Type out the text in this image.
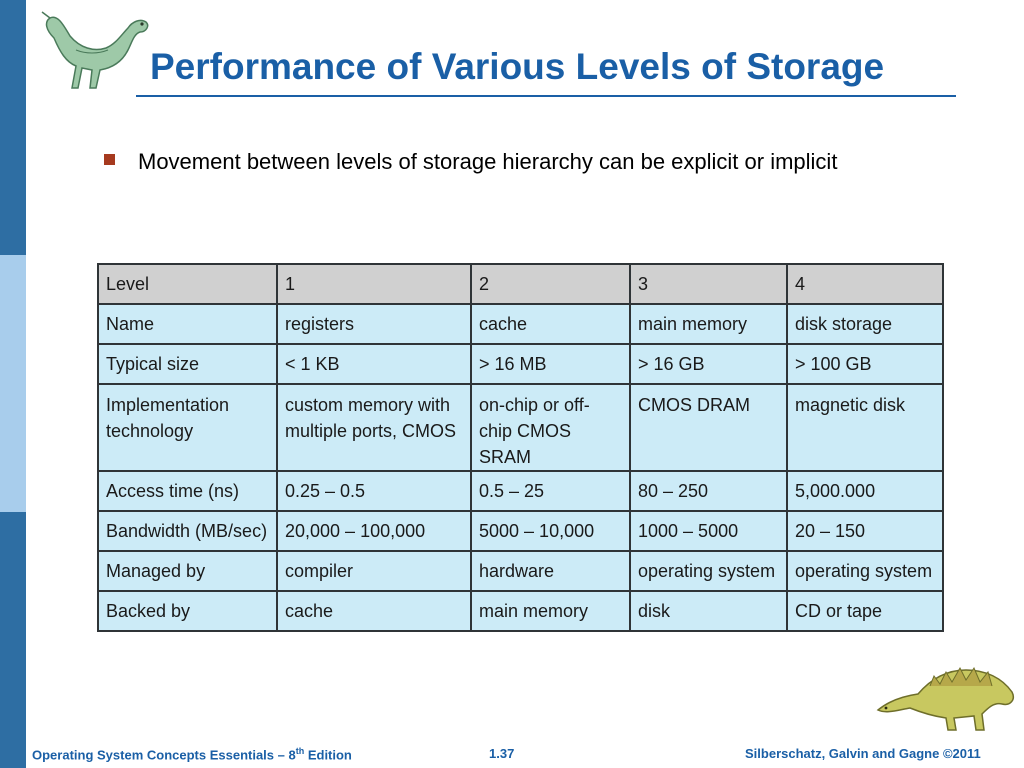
Performance of Various Levels of Storage
Movement between levels of storage hierarchy can be explicit or implicit
Level	1	2	3	4
Name	registers	cache	main memory	disk storage
Typical size	< 1 KB	> 16 MB	> 16 GB	> 100 GB
Implementation technology	custom memory with multiple ports, CMOS	on-chip or off-chip CMOS SRAM	CMOS DRAM	magnetic disk
Access time (ns)	0.25 – 0.5	0.5 – 25	80 – 250	5,000.000
Bandwidth (MB/sec)	20,000 – 100,000	5000 – 10,000	1000 – 5000	20 – 150
Managed by	compiler	hardware	operating system	operating system
Backed by	cache	main memory	disk	CD or tape
Operating System Concepts Essentials – 8th Edition	1.37	Silberschatz, Galvin and Gagne ©2011
